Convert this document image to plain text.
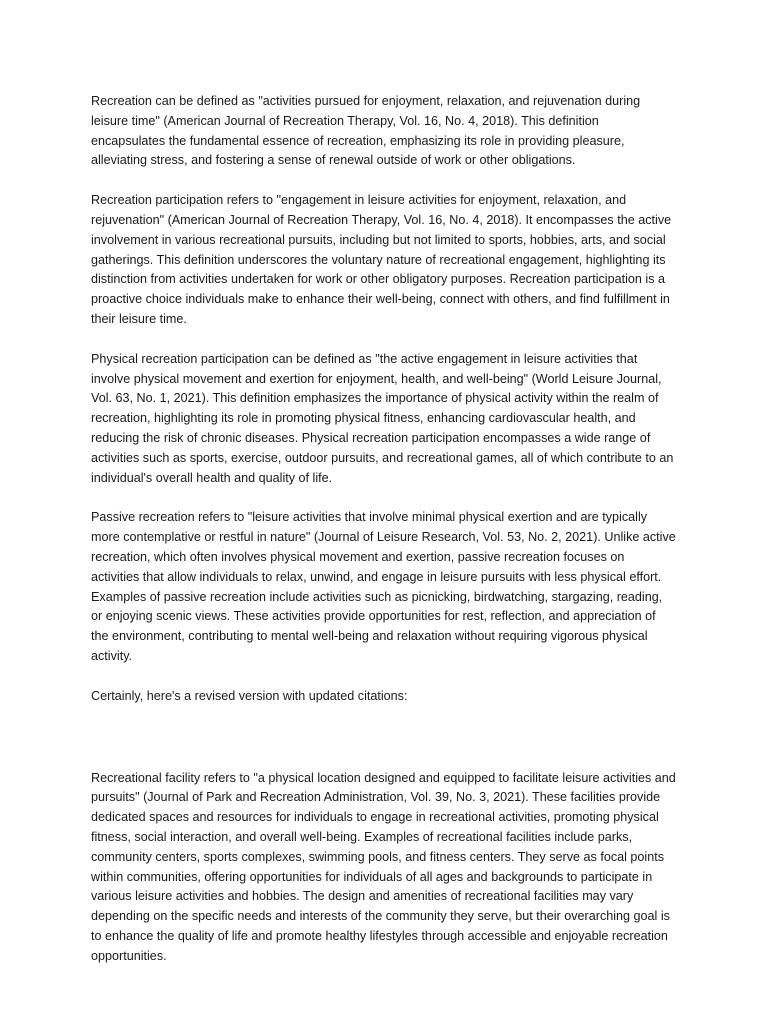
Recreation can be defined as "activities pursued for enjoyment, relaxation, and rejuvenation during leisure time" (American Journal of Recreation Therapy, Vol. 16, No. 4, 2018). This definition encapsulates the fundamental essence of recreation, emphasizing its role in providing pleasure, alleviating stress, and fostering a sense of renewal outside of work or other obligations.

Recreation participation refers to "engagement in leisure activities for enjoyment, relaxation, and rejuvenation" (American Journal of Recreation Therapy, Vol. 16, No. 4, 2018). It encompasses the active involvement in various recreational pursuits, including but not limited to sports, hobbies, arts, and social gatherings. This definition underscores the voluntary nature of recreational engagement, highlighting its distinction from activities undertaken for work or other obligatory purposes. Recreation participation is a proactive choice individuals make to enhance their well-being, connect with others, and find fulfillment in their leisure time.

Physical recreation participation can be defined as "the active engagement in leisure activities that involve physical movement and exertion for enjoyment, health, and well-being" (World Leisure Journal, Vol. 63, No. 1, 2021). This definition emphasizes the importance of physical activity within the realm of recreation, highlighting its role in promoting physical fitness, enhancing cardiovascular health, and reducing the risk of chronic diseases. Physical recreation participation encompasses a wide range of activities such as sports, exercise, outdoor pursuits, and recreational games, all of which contribute to an individual's overall health and quality of life.

Passive recreation refers to "leisure activities that involve minimal physical exertion and are typically more contemplative or restful in nature" (Journal of Leisure Research, Vol. 53, No. 2, 2021). Unlike active recreation, which often involves physical movement and exertion, passive recreation focuses on activities that allow individuals to relax, unwind, and engage in leisure pursuits with less physical effort. Examples of passive recreation include activities such as picnicking, birdwatching, stargazing, reading, or enjoying scenic views. These activities provide opportunities for rest, reflection, and appreciation of the environment, contributing to mental well-being and relaxation without requiring vigorous physical activity.

Certainly, here's a revised version with updated citations:

Recreational facility refers to "a physical location designed and equipped to facilitate leisure activities and pursuits" (Journal of Park and Recreation Administration, Vol. 39, No. 3, 2021). These facilities provide dedicated spaces and resources for individuals to engage in recreational activities, promoting physical fitness, social interaction, and overall well-being. Examples of recreational facilities include parks, community centers, sports complexes, swimming pools, and fitness centers. They serve as focal points within communities, offering opportunities for individuals of all ages and backgrounds to participate in various leisure activities and hobbies. The design and amenities of recreational facilities may vary depending on the specific needs and interests of the community they serve, but their overarching goal is to enhance the quality of life and promote healthy lifestyles through accessible and enjoyable recreation opportunities.
